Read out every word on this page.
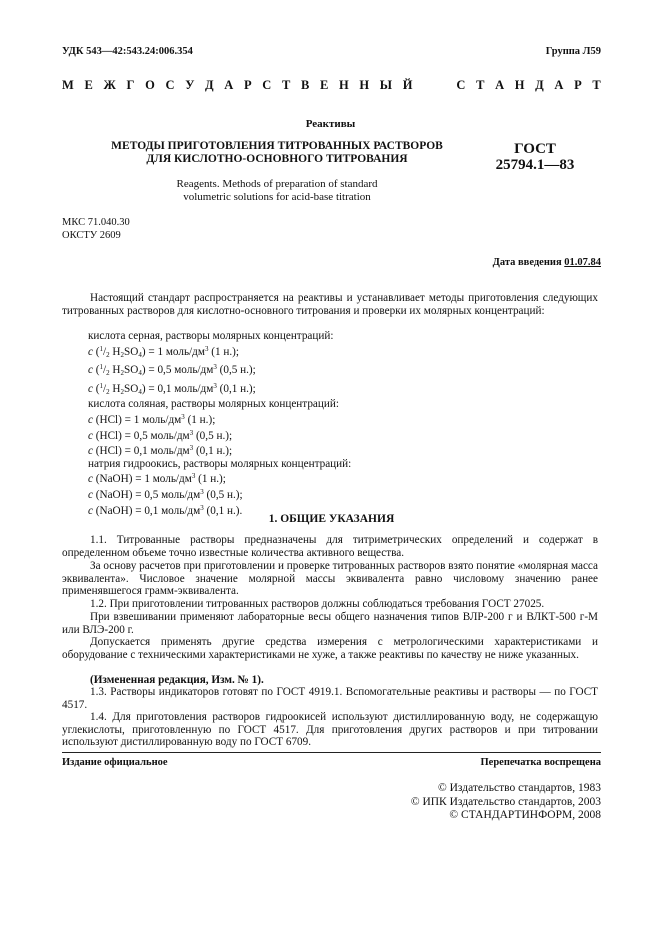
УДК 543—42:543.24:006.354	Группа Л59
М Е Ж Г О С У Д А Р С Т В Е Н Н Ы Й	С Т А Н Д А Р Т
Реактивы
МЕТОДЫ ПРИГОТОВЛЕНИЯ ТИТРОВАННЫХ РАСТВОРОВ
ДЛЯ КИСЛОТНО-ОСНОВНОГО ТИТРОВАНИЯ
ГОСТ
25794.1—83
Reagents. Methods of preparation of standard
volumetric solutions for acid-base titration
МКС 71.040.30
ОКСТУ 2609
Дата введения 01.07.84
Настоящий стандарт распространяется на реактивы и устанавливает методы приготовления следующих титрованных растворов для кислотно-основного титрования и проверки их молярных концентраций:
кислота серная, растворы молярных концентраций:
c ($^1/_2$ $H_2SO_4) = 1$ моль/$дм^3$ (1 н.);
c ($^1/_2$ $H_2SO_4) = 0,5$ моль/$дм^3$ (0,5 н.);
c ($^1/_2$ $H_2SO_4) = 0,1$ моль/$дм^3$ (0,1 н.);
кислота соляная, растворы молярных концентраций:
c (HCl) = 1 моль/$дм^3$ (1 н.);
c (HCl) = 0,5 моль/$дм^3$ (0,5 н.);
c (HCl) = 0,1 моль/$дм^3$ (0,1 н.);
натрия гидроокись, растворы молярных концентраций:
c (NaOH) = 1 моль/$дм^3$ (1 н.);
c (NaOH) = 0,5 моль/$дм^3$ (0,5 н.);
c (NaOH) = 0,1 моль/$дм^3$ (0,1 н.).
1. ОБЩИЕ УКАЗАНИЯ
1.1. Титрованные растворы предназначены для титриметрических определений и содержат в определенном объеме точно известные количества активного вещества.
За основу расчетов при приготовлении и проверке титрованных растворов взято понятие «молярная масса эквивалента». Числовое значение молярной массы эквивалента равно числовому значению ранее применявшегося грамм-эквивалента.
1.2. При приготовлении титрованных растворов должны соблюдаться требования ГОСТ 27025.
При взвешивании применяют лабораторные весы общего назначения типов ВЛР-200 г и ВЛКТ-500 г-М или ВЛЭ-200 г.
Допускается применять другие средства измерения с метрологическими характеристиками и оборудование с техническими характеристиками не хуже, а также реактивы по качеству не ниже указанных.
(Измененная редакция, Изм. № 1).
1.3. Растворы индикаторов готовят по ГОСТ 4919.1. Вспомогательные реактивы и растворы — по ГОСТ 4517.
1.4. Для приготовления растворов гидроокисей используют дистиллированную воду, не содержащую углекислоты, приготовленную по ГОСТ 4517. Для приготовления других растворов и при титровании используют дистиллированную воду по ГОСТ 6709.
Издание официальное	Перепечатка воспрещена
© Издательство стандартов, 1983
© ИПК Издательство стандартов, 2003
© СТАНДАРТИНФОРМ, 2008
